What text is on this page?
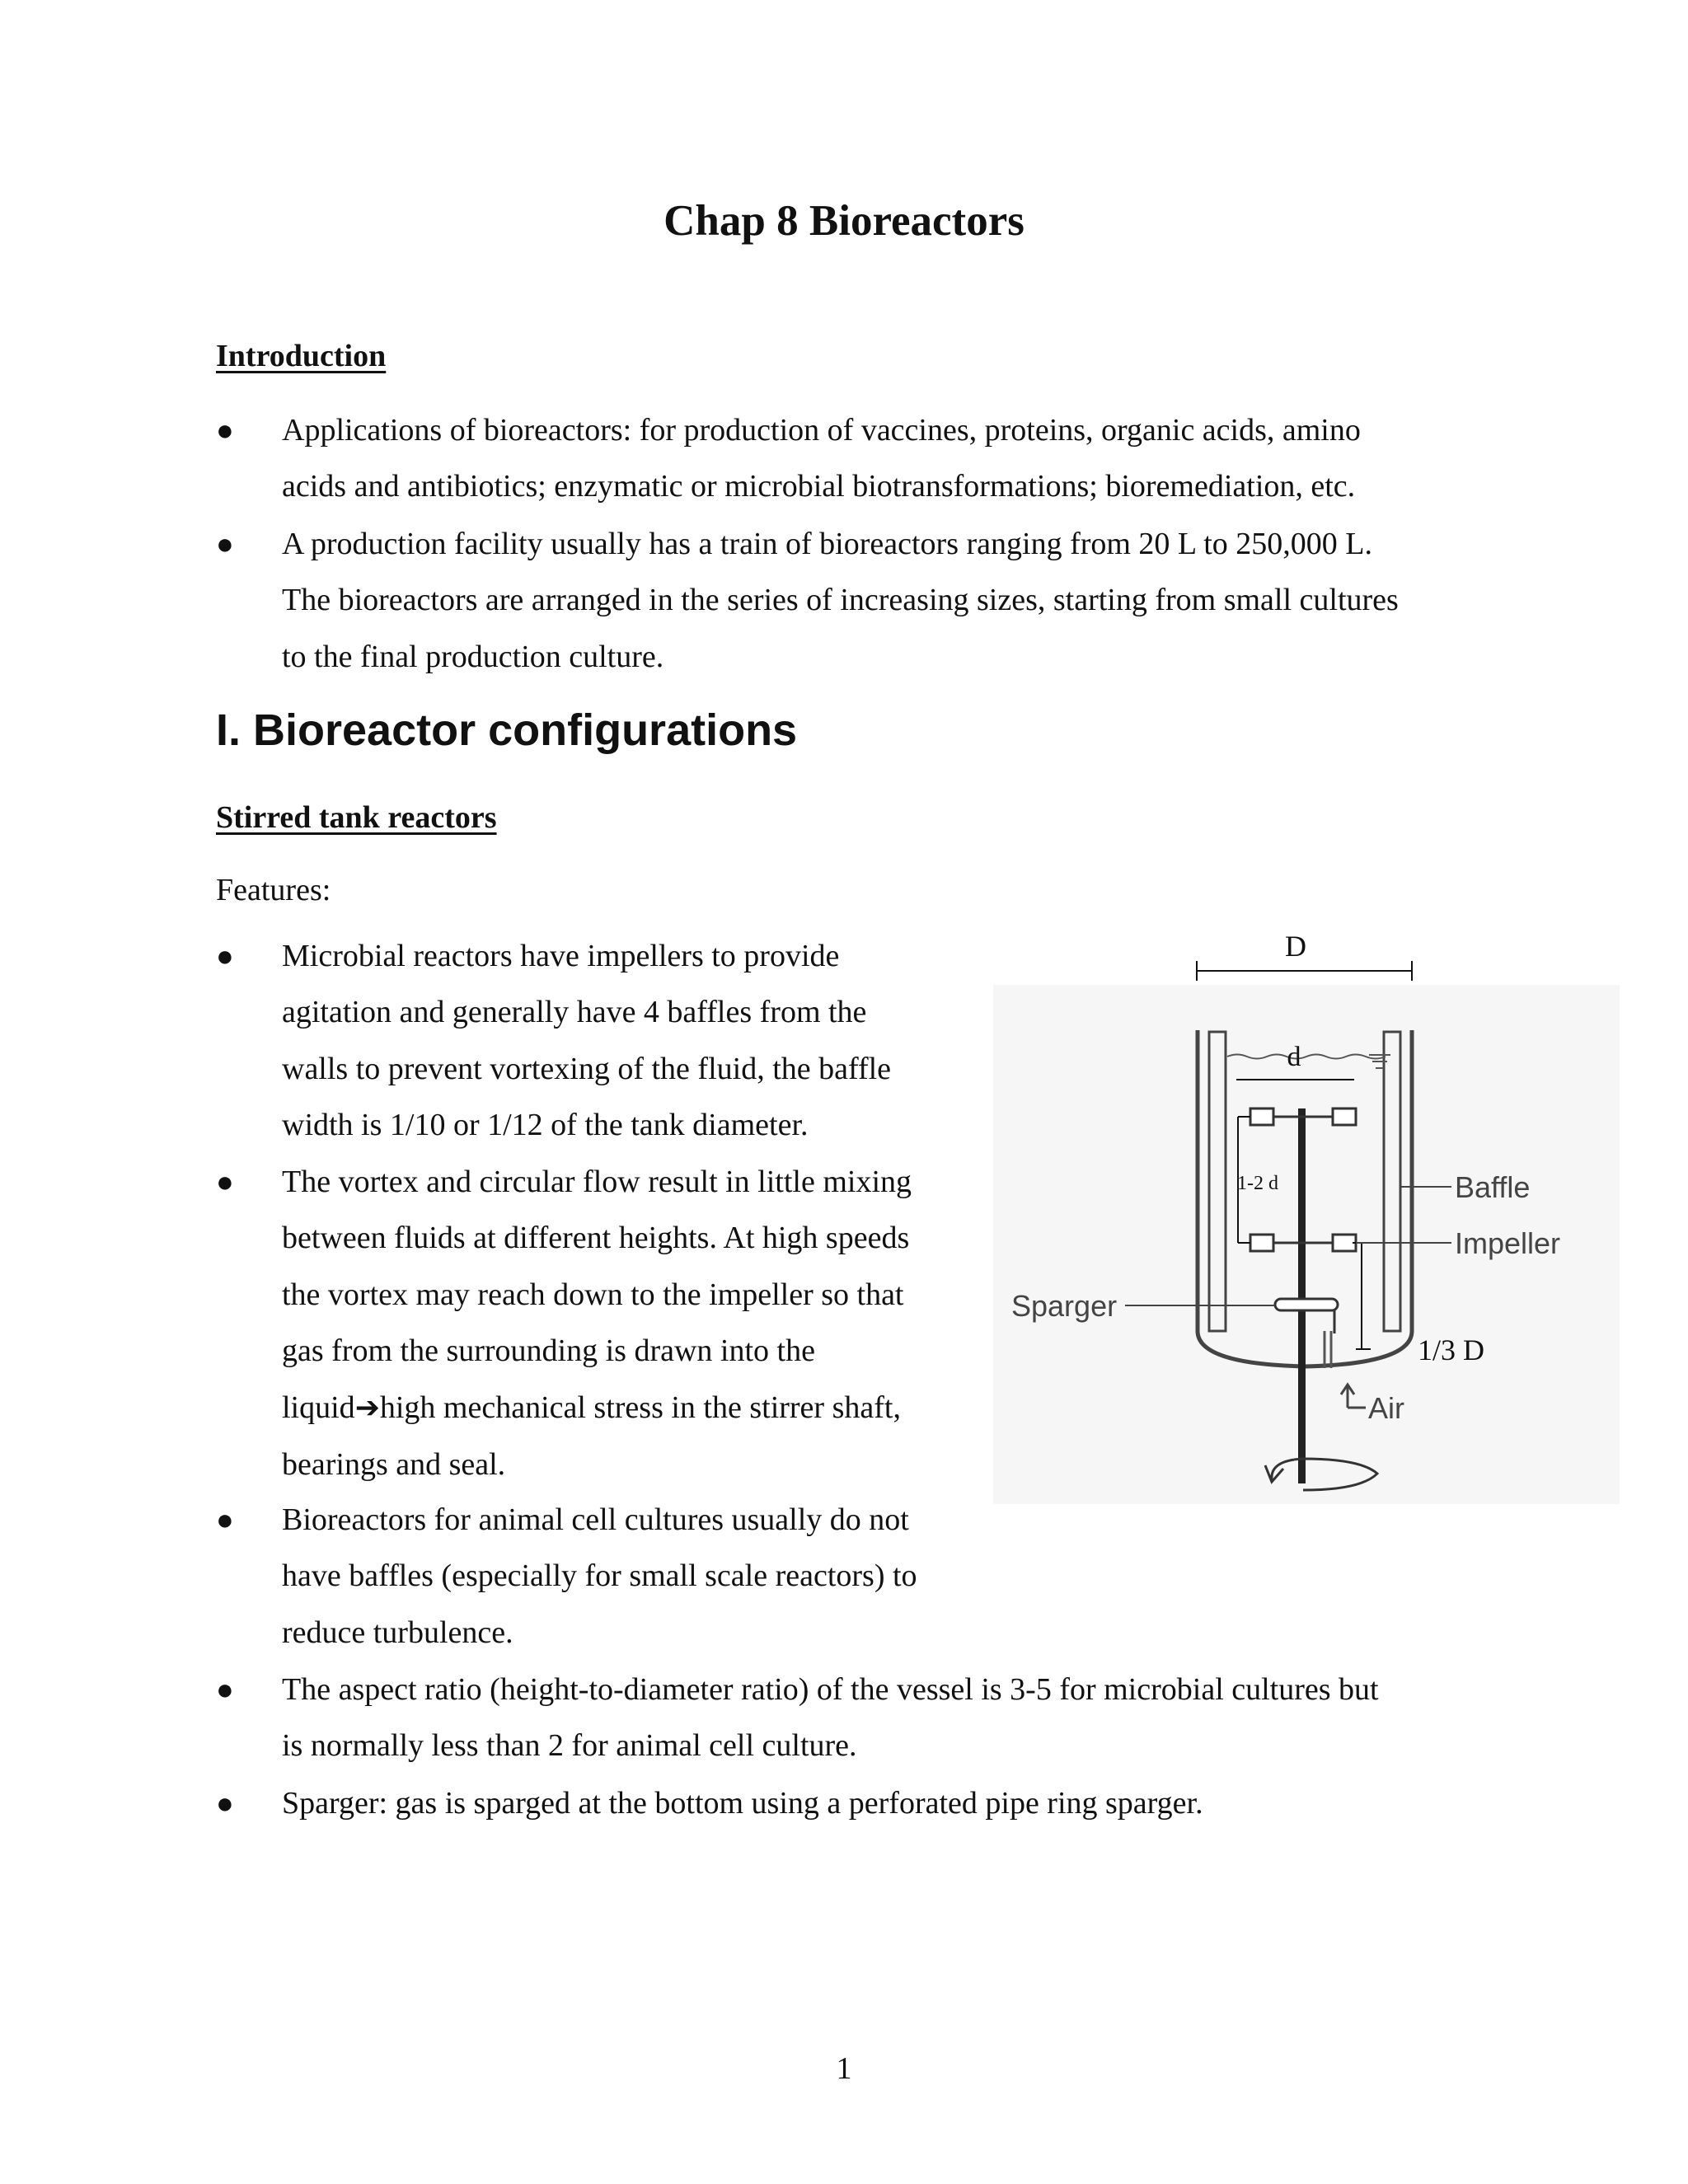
Chap 8 Bioreactors
Introduction
● Applications of bioreactors: for production of vaccines, proteins, organic acids, amino
acids and antibiotics; enzymatic or microbial biotransformations; bioremediation, etc.
● A production facility usually has a train of bioreactors ranging from 20 L to 250,000 L.
The bioreactors are arranged in the series of increasing sizes, starting from small cultures
to the final production culture.
I. Bioreactor configurations
Stirred tank reactors
Features:
● Microbial reactors have impellers to provide
agitation and generally have 4 baffles from the
walls to prevent vortexing of the fluid, the baffle
width is 1/10 or 1/12 of the tank diameter.
● The vortex and circular flow result in little mixing
between fluids at different heights. At high speeds
the vortex may reach down to the impeller so that
gas from the surrounding is drawn into the
liquid➔high mechanical stress in the stirrer shaft,
bearings and seal.
● Bioreactors for animal cell cultures usually do not
have baffles (especially for small scale reactors) to
reduce turbulence.
● The aspect ratio (height-to-diameter ratio) of the vessel is 3-5 for microbial cultures but
is normally less than 2 for animal cell culture.
● Sparger: gas is sparged at the bottom using a perforated pipe ring sparger.
D
d
1-2 d
Sparger
1/3 D
Air
Baffle
Impeller
1
